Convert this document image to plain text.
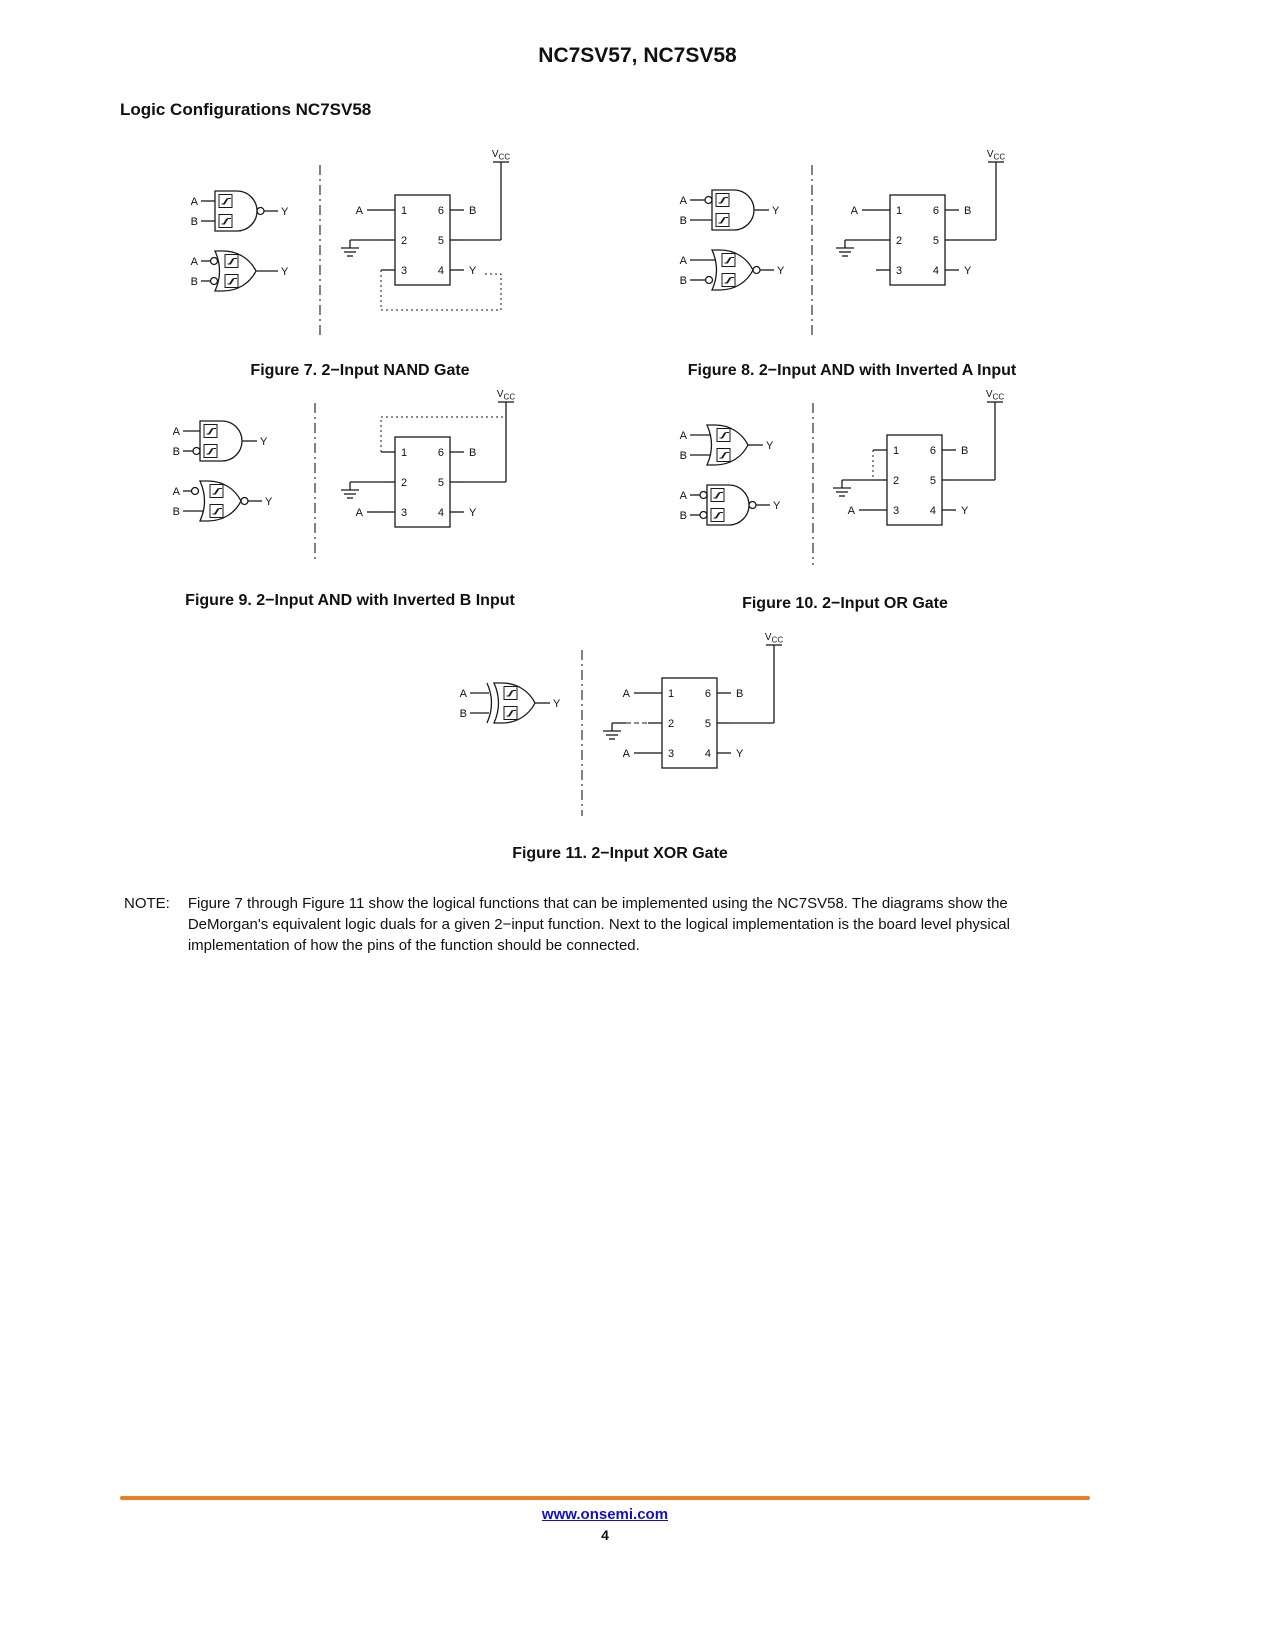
NC7SV57, NC7SV58
Logic Configurations NC7SV58
A
B
Y
A
B
Y
1
2
3
6
5
4
A	B
Y
$V_{CC}$
Figure 7. 2−Input NAND Gate
A
B
Y
A
B
Y
1
2
3
6
5
4
A	B
Y
$V_{CC}$
Figure 8. 2−Input AND with Inverted A Input
A
B
Y
A
B
Y
1
2
3
6
5
4
A
B
Y
$V_{CC}$
Figure 9. 2−Input AND with Inverted B Input
A
B
Y
A
B
Y
1
2
3
6
5
4
A
B
Y
$V_{CC}$
Figure 10. 2−Input OR Gate
A
B
Y
1
2
3
6
5
4
A
A
B
Y
$V_{CC}$
Figure 11. 2−Input XOR Gate
NOTE: Figure 7 through Figure 11 show the logical functions that can be implemented using the NC7SV58. The diagrams show the DeMorgan's equivalent logic duals for a given 2−input function. Next to the logical implementation is the board level physical implementation of how the pins of the function should be connected.

www.onsemi.com
4
